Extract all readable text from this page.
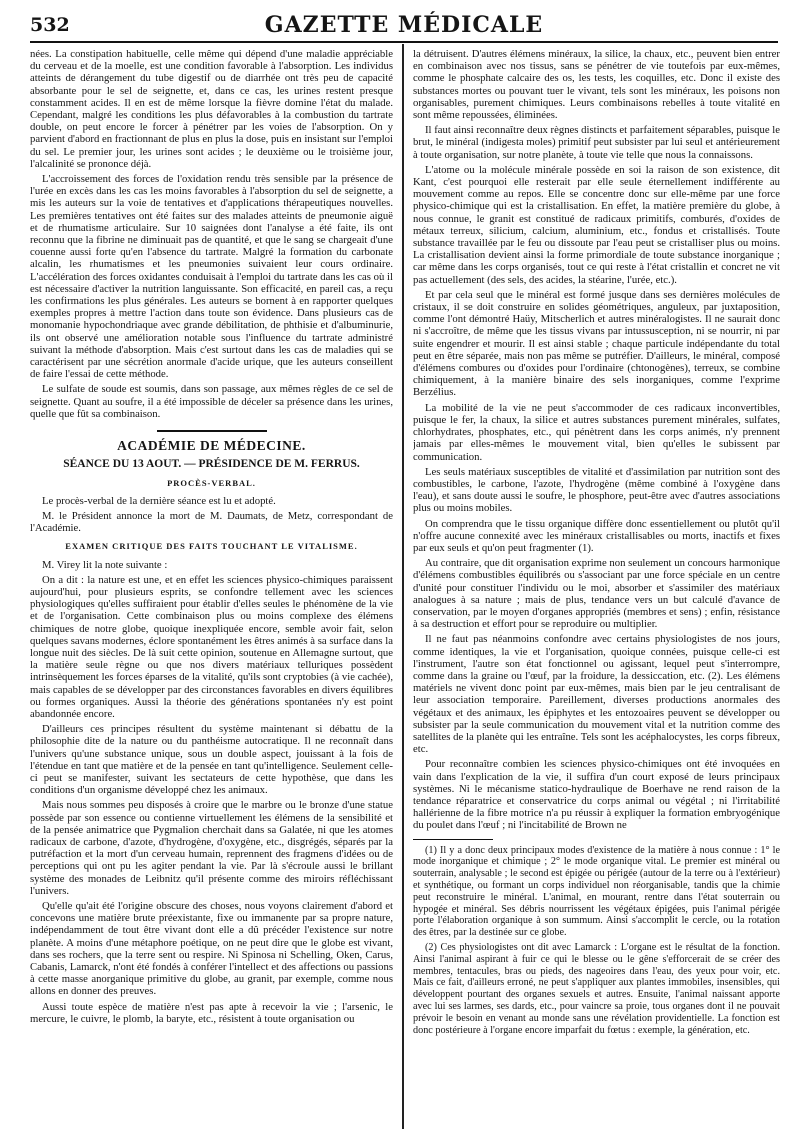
532	GAZETTE MÉDICALE

nées. La constipation habituelle, celle même qui dépend d'une maladie appréciable du cerveau et de la moelle, est une condition favorable à l'absorption. Les individus atteints de dérangement du tube digestif ou de diarrhée ont très peu de capacité absorbante pour le sel de seignette, et, dans ce cas, les urines restent presque constamment acides. Il en est de même lorsque la fièvre domine l'état du malade. Cependant, malgré les conditions les plus défavorables à la combustion du tartrate double, on peut encore le forcer à pénétrer par les voies de l'absorption. On y parvient d'abord en fractionnant de plus en plus la dose, puis en insistant sur l'emploi du sel. Le premier jour, les urines sont acides ; le deuxième ou le troisième jour, l'alcalinité se prononce déjà.

L'accroissement des forces de l'oxidation rendu très sensible par la présence de l'urée en excès dans les cas les moins favorables à l'absorption du sel de seignette, a mis les auteurs sur la voie de tentatives et d'applications thérapeutiques nouvelles. Les premières tentatives ont été faites sur des malades atteints de pneumonie aiguë et de rhumatisme articulaire. Sur 10 saignées dont l'analyse a été faite, ils ont reconnu que la fibrine ne diminuait pas de quantité, et que le sang se chargeait d'une couenne aussi forte qu'en l'absence du tartrate. Malgré la formation du carbonate alcalin, les rhumatismes et les pneumonies suivaient leur cours ordinaire. L'accélération des forces oxidantes conduisait à l'emploi du tartrate dans les cas où il est nécessaire d'activer la nutrition languissante. Son efficacité, en pareil cas, a reçu les confirmations les plus générales. Les auteurs se bornent à en rapporter quelques exemples propres à mettre l'action dans toute son évidence. Dans plusieurs cas de monomanie hypochondriaque avec grande débilitation, de phthisie et d'albuminurie, ils ont observé une amélioration notable sous l'influence du tartrate administré suivant la méthode d'absorption. Mais c'est surtout dans les cas de maladies qui se caractérisent par une sécrétion anormale d'acide urique, que les auteurs conseillent de faire l'essai de cette méthode.

Le sulfate de soude est soumis, dans son passage, aux mêmes règles de ce sel de seignette. Quant au soufre, il a été impossible de déceler sa présence dans les urines, quelle que fût sa combinaison.

ACADÉMIE DE MÉDECINE.
SÉANCE DU 13 AOUT. — PRÉSIDENCE DE M. FERRUS.
PROCÈS-VERBAL.

Le procès-verbal de la dernière séance est lu et adopté.

M. le Président annonce la mort de M. Daumats, de Metz, correspondant de l'Académie.

EXAMEN CRITIQUE DES FAITS TOUCHANT LE VITALISME.

M. Virey lit la note suivante :

On a dit : la nature est une, et en effet les sciences physico-chimiques paraissent aujourd'hui, pour plusieurs esprits, se confondre tellement avec les sciences physiologiques qu'elles suffiraient pour établir d'elles seules le phénomène de la vie et de l'organisation. Cette combinaison plus ou moins complexe des élémens chimiques de notre globe, quoique inexpliquée encore, semble avoir fait, selon quelques savans modernes, éclore spontanément les êtres animés à sa surface dans la longue nuit des siècles. De là suit cette opinion, soutenue en Allemagne surtout, que la matière seule règne ou que nos divers matériaux telluriques possèdent intrinsèquement les forces éparses de la vitalité, qu'ils sont cryptobies (à vie cachée), mais capables de se développer par des circonstances favorables en divers équilibres ou formes organiques. Aussi la théorie des générations spontanées n'y est point abandonnée encore.

D'ailleurs ces principes résultent du système maintenant si débattu de la philosophie dite de la nature ou du panthéisme autocratique. Il ne reconnaît dans l'univers qu'une substance unique, sous un double aspect, jouissant à la fois de l'étendue en tant que matière et de la pensée en tant qu'intelligence. Seulement celle-ci peut se manifester, suivant les sectateurs de cette hypothèse, que dans les conditions d'un organisme développé chez les animaux.

Mais nous sommes peu disposés à croire que le marbre ou le bronze d'une statue possède par son essence ou contienne virtuellement les élémens de la sensibilité et de la pensée animatrice que Pygmalion cherchait dans sa Galatée, ni que les atomes radicaux de carbone, d'azote, d'hydrogène, d'oxygène, etc., disgrégés, séparés par la putréfaction et la mort d'un cerveau humain, reprennent des fragmens d'idées ou de perceptions qui ont pu les agiter pendant la vie. Par là s'écroule aussi le brillant système des monades de Leibnitz qu'il présente comme des miroirs réfléchissant l'univers.

Qu'elle qu'ait été l'origine obscure des choses, nous voyons clairement d'abord et concevons une matière brute préexistante, fixe ou immanente par sa propre nature, indépendamment de tout être vivant dont elle a dû précéder l'existence sur notre planète. A moins d'une métaphore poétique, on ne peut dire que le globe est vivant, dans ses rochers, que la terre sent ou respire. Ni Spinosa ni Schelling, Oken, Carus, Cabanis, Lamarck, n'ont été fondés à conférer l'intellect et des affections ou passions à cette masse anorganique primitive du globe, au granit, par exemple, comme nous allons en donner des preuves.

Aussi toute espèce de matière n'est pas apte à recevoir la vie ; l'arsenic, le mercure, le cuivre, le plomb, la baryte, etc., résistent à toute organisation ou

la détruisent. D'autres élémens minéraux, la silice, la chaux, etc., peuvent bien entrer en combinaison avec nos tissus, sans se pénétrer de vie toutefois par eux-mêmes, comme le phosphate calcaire des os, les tests, les coquilles, etc. Donc il existe des substances mortes ou pouvant tuer le vivant, tels sont les minéraux, les poisons non organisables, purement chimiques. Leurs combinaisons rebelles à toute vitalité en sont même repoussées, éliminées.

Il faut ainsi reconnaître deux règnes distincts et parfaitement séparables, puisque le brut, le minéral (indigesta moles) primitif peut subsister par lui seul et antérieurement à toute organisation, sur notre planète, à toute vie telle que nous la connaissons.

L'atome ou la molécule minérale possède en soi la raison de son existence, dit Kant, c'est pourquoi elle resterait par elle seule éternellement indifférente au mouvement comme au repos. Elle se concentre donc sur elle-même par une force physico-chimique qui est la cristallisation. En effet, la matière première du globe, à nous connue, le granit est constitué de radicaux primitifs, comburés, d'oxides de métaux terreux, silicium, calcium, aluminium, etc., fondus et cristallisés. Toute substance travaillée par le feu ou dissoute par l'eau peut se cristalliser plus ou moins. La cristallisation devient ainsi la forme primordiale de toute substance inorganique ; car même dans les corps organisés, tout ce qui reste à l'état cristallin et concret ne vit pas actuellement (des sels, des acides, la stéarine, l'urée, etc.).

Et par cela seul que le minéral est formé jusque dans ses dernières molécules de cristaux, il se doit construire en solides géométriques, anguleux, par juxtaposition, comme l'ont démontré Haüy, Mitscherlich et autres minéralogistes. Il ne saurait donc ni s'accroître, de même que les tissus vivans par intussusception, ni se nourrir, ni par suite engendrer et mourir. Il est ainsi stable ; chaque particule indépendante du total peut en être séparée, mais non pas même se putréfier. D'ailleurs, le minéral, composé d'élémens combures ou d'oxides pour l'ordinaire (chtonogènes), terreux, se combine chimiquement, à la manière binaire des sels inorganiques, comme l'exprime Berzélius.

La mobilité de la vie ne peut s'accommoder de ces radicaux inconvertibles, puisque le fer, la chaux, la silice et autres substances purement minérales, sulfates, chlorhydrates, phosphates, etc., qui pénètrent dans les corps animés, n'y prennent jamais par elles-mêmes le mouvement vital, bien qu'elles le subissent par communication.

Les seuls matériaux susceptibles de vitalité et d'assimilation par nutrition sont des combustibles, le carbone, l'azote, l'hydrogène (même combiné à l'oxygène dans l'eau), et sans doute aussi le soufre, le phosphore, peut-être avec d'autres associations plus ou moins mobiles.

On comprendra que le tissu organique diffère donc essentiellement ou plutôt qu'il n'offre aucune connexité avec les minéraux cristallisables ou morts, inactifs et fixes par eux seuls et qu'on peut fragmenter (1).

Au contraire, que dit organisation exprime non seulement un concours harmonique d'élémens combustibles équilibrés ou s'associant par une force spéciale en un centre d'unité pour constituer l'individu ou le moi, absorber et s'assimiler des matériaux analogues à sa nature ; mais de plus, tendance vers un but calculé d'avance de conservation, par le moyen d'organes appropriés (membres et sens) ; enfin, résistance à sa destruction et effort pour se reproduire ou multiplier.

Il ne faut pas néanmoins confondre avec certains physiologistes de nos jours, comme identiques, la vie et l'organisation, quoique connées, puisque celle-ci est l'instrument, l'autre son état fonctionnel ou agissant, lequel peut s'interrompre, comme dans la graine ou l'œuf, par la froidure, la dessiccation, etc. (2). Les élémens matériels ne vivent donc point par eux-mêmes, mais bien par le jeu centralisant de leur association temporaire. Pareillement, diverses productions anormales des végétaux et des animaux, les épiphytes et les entozoaires peuvent se développer ou subsister par la seule communication du mouvement vital et la nutrition comme des satellites de la planète qui les entraîne. Tels sont les acéphalocystes, les corps fibreux, etc.

Pour reconnaître combien les sciences physico-chimiques ont été invoquées en vain dans l'explication de la vie, il suffira d'un court exposé de leurs principaux systèmes. Ni le mécanisme statico-hydraulique de Boerhave ne rend raison de la tendance réparatrice et conservatrice du corps animal ou végétal ; ni l'irritabilité hallérienne de la fibre motrice n'a pu réussir à expliquer la formation embryogénique du poulet dans l'œuf ; ni l'incitabilité de Brown ne

(1) Il y a donc deux principaux modes d'existence de la matière à nous connue : 1° le mode inorganique et chimique ; 2° le mode organique vital. Le premier est minéral ou souterrain, analysable ; le second est épigée ou périgée (autour de la terre ou à l'extérieur) et synthétique, ou formant un corps individuel non réorganisable, tandis que la chimie peut reconstruire le minéral. L'animal, en mourant, rentre dans l'état souterrain ou hypogée et minéral. Ses débris nourrissent les végétaux épigées, puis l'animal périgée porte l'élaboration organique à son summum. Ainsi s'accomplit le cercle, ou la rotation des êtres, par la destinée sur ce globe.

(2) Ces physiologistes ont dit avec Lamarck : L'organe est le résultat de la fonction. Ainsi l'animal aspirant à fuir ce qui le blesse ou le gêne s'efforcerait de se créer des membres, tentacules, bras ou pieds, des nageoires dans l'eau, des yeux pour voir, etc. Mais ce fait, d'ailleurs erroné, ne peut s'appliquer aux plantes immobiles, insensibles, qui développent pourtant des organes sexuels et autres. Ensuite, l'animal naissant apporte avec lui ses larmes, ses dards, etc., pour vaincre sa proie, tous organes dont il ne pouvait prévoir le besoin en venant au monde sans une révélation providentielle. La fonction est donc postérieure à l'organe encore imparfait du fœtus : exemple, la génération, etc.
